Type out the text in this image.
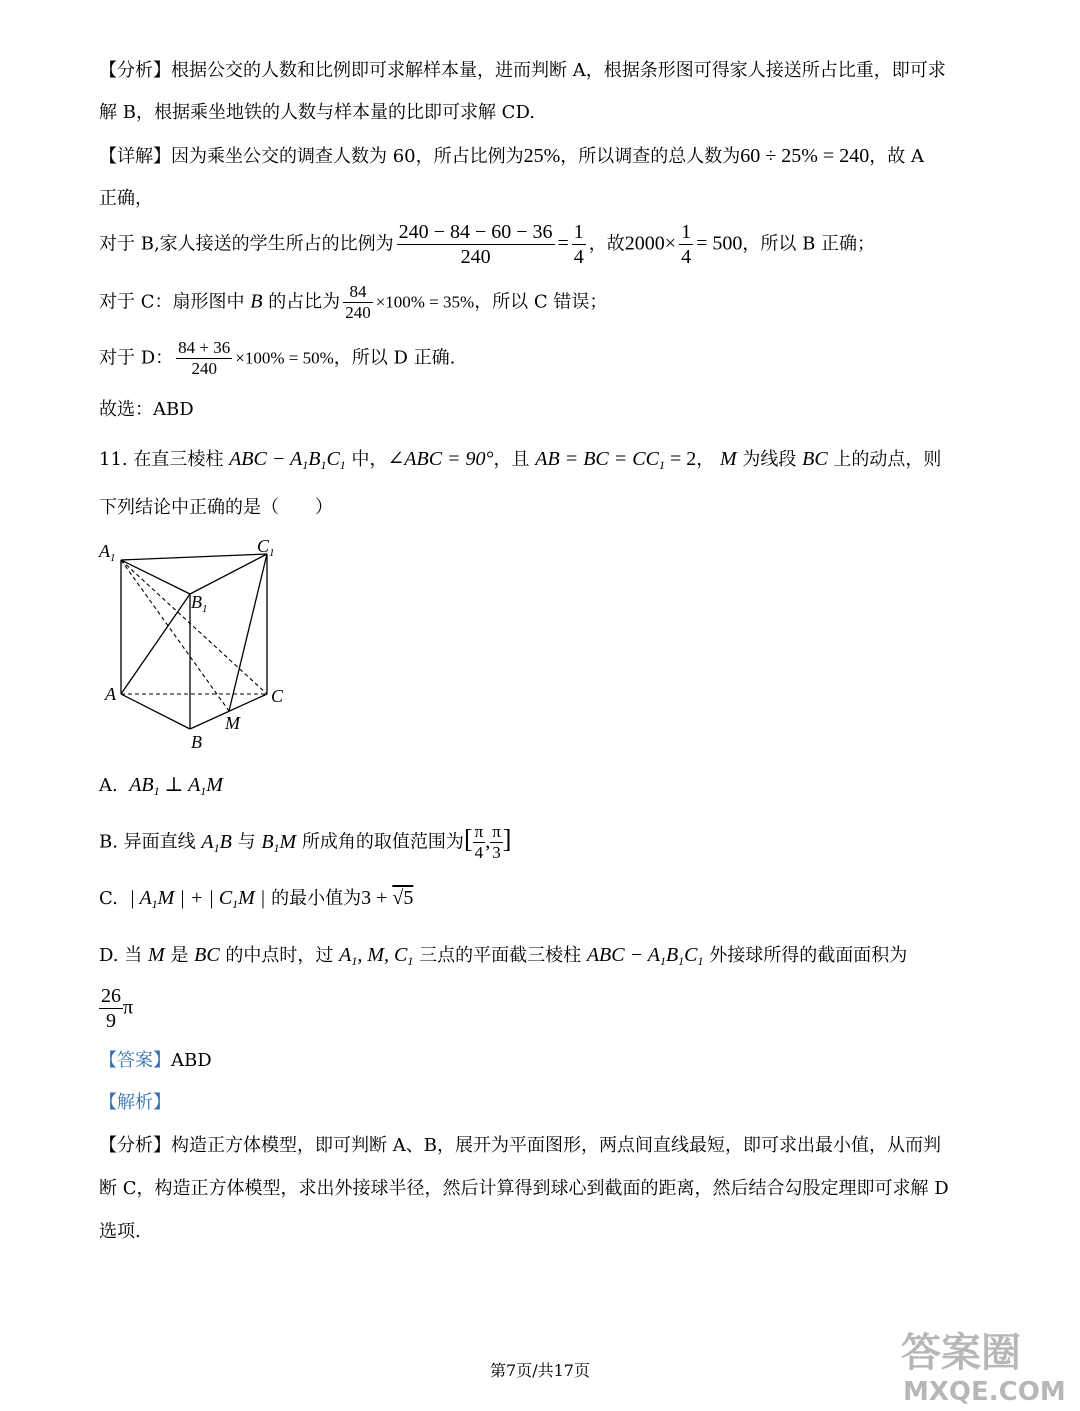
【分析】根据公交的人数和比例即可求解样本量，进而判断 A，根据条形图可得家人接送所占比重，即可求
解 B，根据乘坐地铁的人数与样本量的比即可求解 CD.
【详解】因为乘坐公交的调查人数为 60，所占比例为25%，所以调查的总人数为60 ÷ 25% = 240，故 A
正确，
对于 B,家人接送的学生所占的比例为 $\frac{240 - 84 - 60 - 36}{240} = \frac{1}{4}$ ，故$2000\times \frac{1}{4} = 500$，所以 B 正确；
对于 C：扇形图中 B 的占比为 $\frac{84}{240} \times 100\% = 35\%$，所以 C 错误；
对于 D： $\frac{84 + 36}{240} \times 100\% = 50\%$，所以 D 正确.
故选：ABD
11. 在直三棱柱 ABC − $A_1B_1C_1$ 中，∠ABC = 90°，且 AB = BC = $CC_1 = 2$， M 为线段 BC 上的动点，则
下列结论中正确的是（　　）
$A_1$
$C_1$
$B_1$
A	C
M
B
A. $AB_1$ ⊥ $A_1M$
B. 异面直线 $A_1B$ 与 $B_1M$ 所成角的取值范围为[ $\frac{\pi}{4}$ , $\frac{\pi}{3}$ ]
C. | $A_1M$ | + | $C_1M$ | 的最小值为3 + √5
D. 当 M 是 BC 的中点时，过 $A_1$, M, $C_1$ 三点的平面截三棱柱 ABC − $A_1B_1C_1$ 外接球所得的截面面积为
$\frac{26}{9}$ π
【答案】ABD
【解析】
【分析】构造正方体模型，即可判断 A、B，展开为平面图形，两点间直线最短，即可求出最小值，从而判
断 C，构造正方体模型，求出外接球半径，然后计算得到球心到截面的距离，然后结合勾股定理即可求解 D
选项.
第7页/共17页	答案圈
MXQE.COM
